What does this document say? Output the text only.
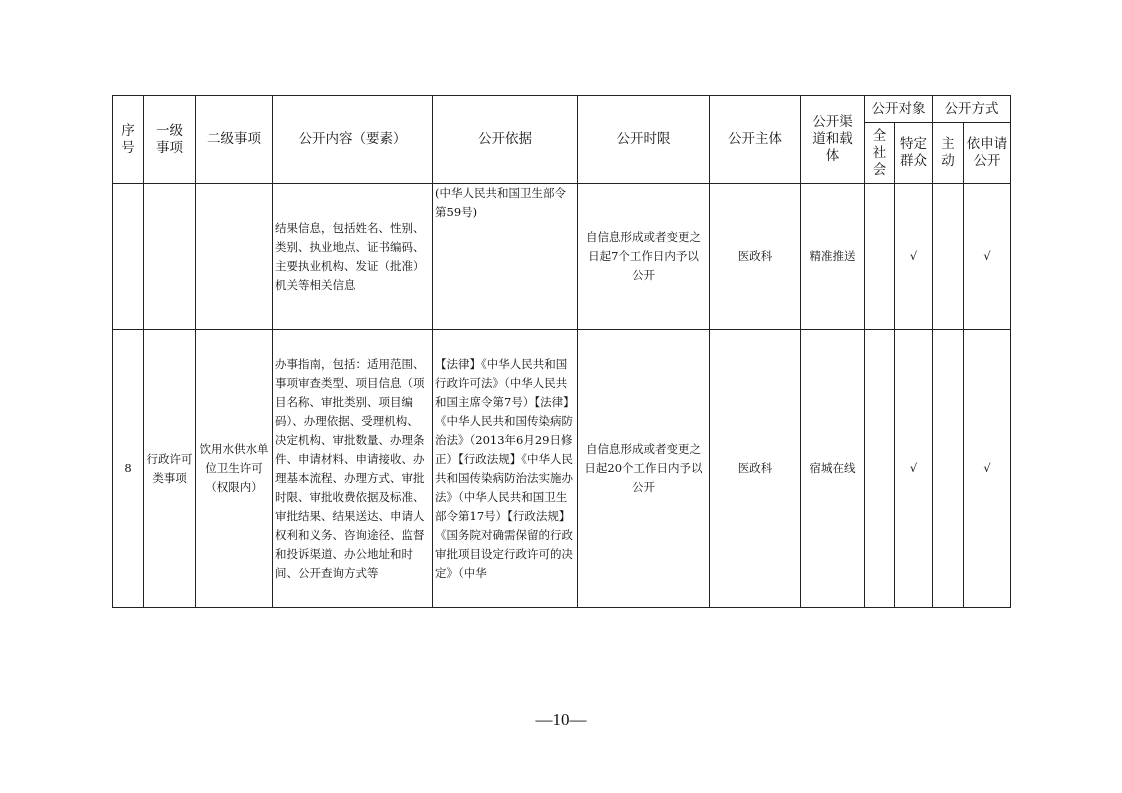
序号	一级事项	二级事项	公开内容（要素）	公开依据	公开时限	公开主体	公开渠道和载体	公开对象		公开方式	

								全社会	特定群众	主动	依申请公开

			结果信息，包括姓名、性别、类别、执业地点、证书编码、主要执业机构、发证（批准）机关等相关信息	(中华人民共和国卫生部令第59号)	自信息形成或者变更之日起7个工作日内予以公开	医政科	精准推送		√		√
8	行政许可类事项	饮用水供水单位卫生许可（权限内）	办事指南，包括：适用范围、事项审查类型、项目信息（项目名称、审批类别、项目编码）、办理依据、受理机构、决定机构、审批数量、办理条件、申请材料、申请接收、办理基本流程、办理方式、审批时限、审批收费依据及标准、审批结果、结果送达、申请人权利和义务、咨询途径、监督和投诉渠道、办公地址和时间、公开查询方式等	【法律】《中华人民共和国行政许可法》（中华人民共和国主席令第7号）【法律】《中华人民共和国传染病防治法》（2013年6月29日修正）【行政法规】《中华人民共和国传染病防治法实施办法》（中华人民共和国卫生部令第17号）【行政法规】《国务院对确需保留的行政审批项目设定行政许可的决定》（中华	自信息形成或者变更之日起20个工作日内予以公开	医政科	宿城在线		√		√
—10—
